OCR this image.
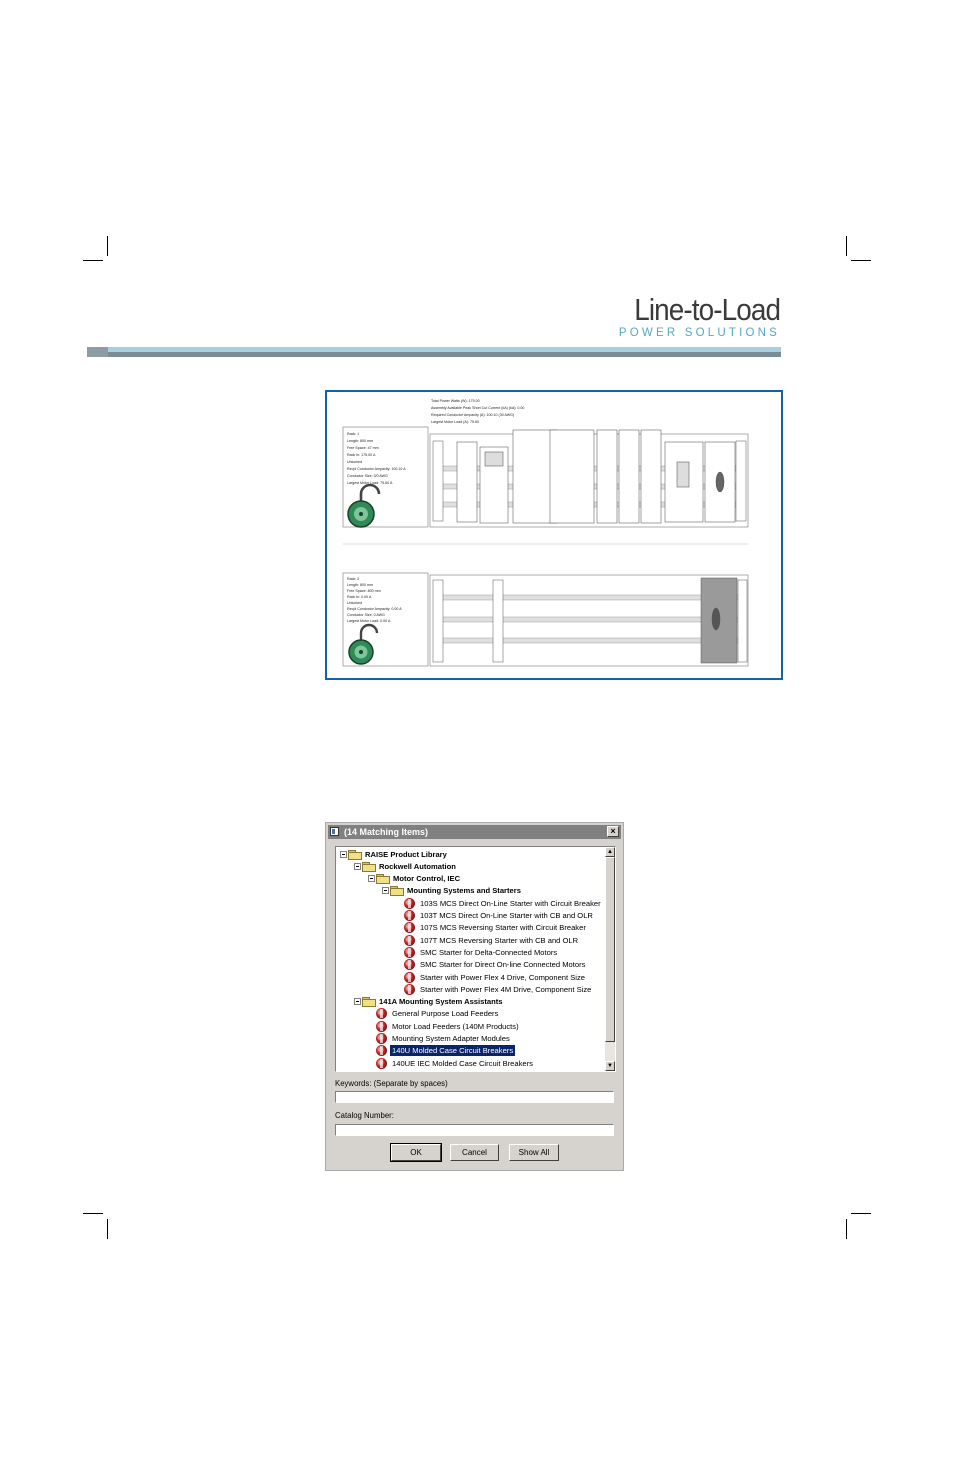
Line-to-Load
POWER SOLUTIONS
Total Power Watts (W): 175.00
Assembly Available Peak Short Cut Current (kA) (kA): 0.00
Required Conductor Ampacity (A): 100.10 (30 AWG)
Largest Motor Load (A): 75.60
Rack: 1
Length: 800 mm
Free Space: 47 mm
Rack In: 175.00 A
Unlocked
Req'd Conductor Ampacity: 100.10 A
Conductor Size: 3/0 AWG
Largest Motor Load: 75.60 A
Rack: 2
Length: 800 mm
Free Space: 800 mm
Rack In: 0.00 A
Unlocked
Req'd Conductor Ampacity: 0.00 A
Conductor Size: 0 AWG
Largest Motor Load: 0.00 A
(14 Matching Items)	×
RAISE Product Library
Rockwell Automation
Motor Control, IEC
Mounting Systems and Starters
103S MCS Direct On-Line Starter with Circuit Breaker
103T MCS Direct On-Line Starter with CB and OLR
107S MCS Reversing Starter with Circuit Breaker
107T MCS Reversing Starter with CB and OLR
SMC Starter for Delta-Connected Motors
SMC Starter for Direct On-line Connected Motors
Starter with Power Flex 4 Drive, Component Size
Starter with Power Flex 4M Drive, Component Size
141A Mounting System Assistants
General Purpose Load Feeders
Motor Load Feeders (140M Products)
Mounting System Adapter Modules
140U Molded Case Circuit Breakers
140UE IEC Molded Case Circuit Breakers
▲
▼
Keywords: (Separate by spaces)
Catalog Number:
OK	Cancel	Show All
